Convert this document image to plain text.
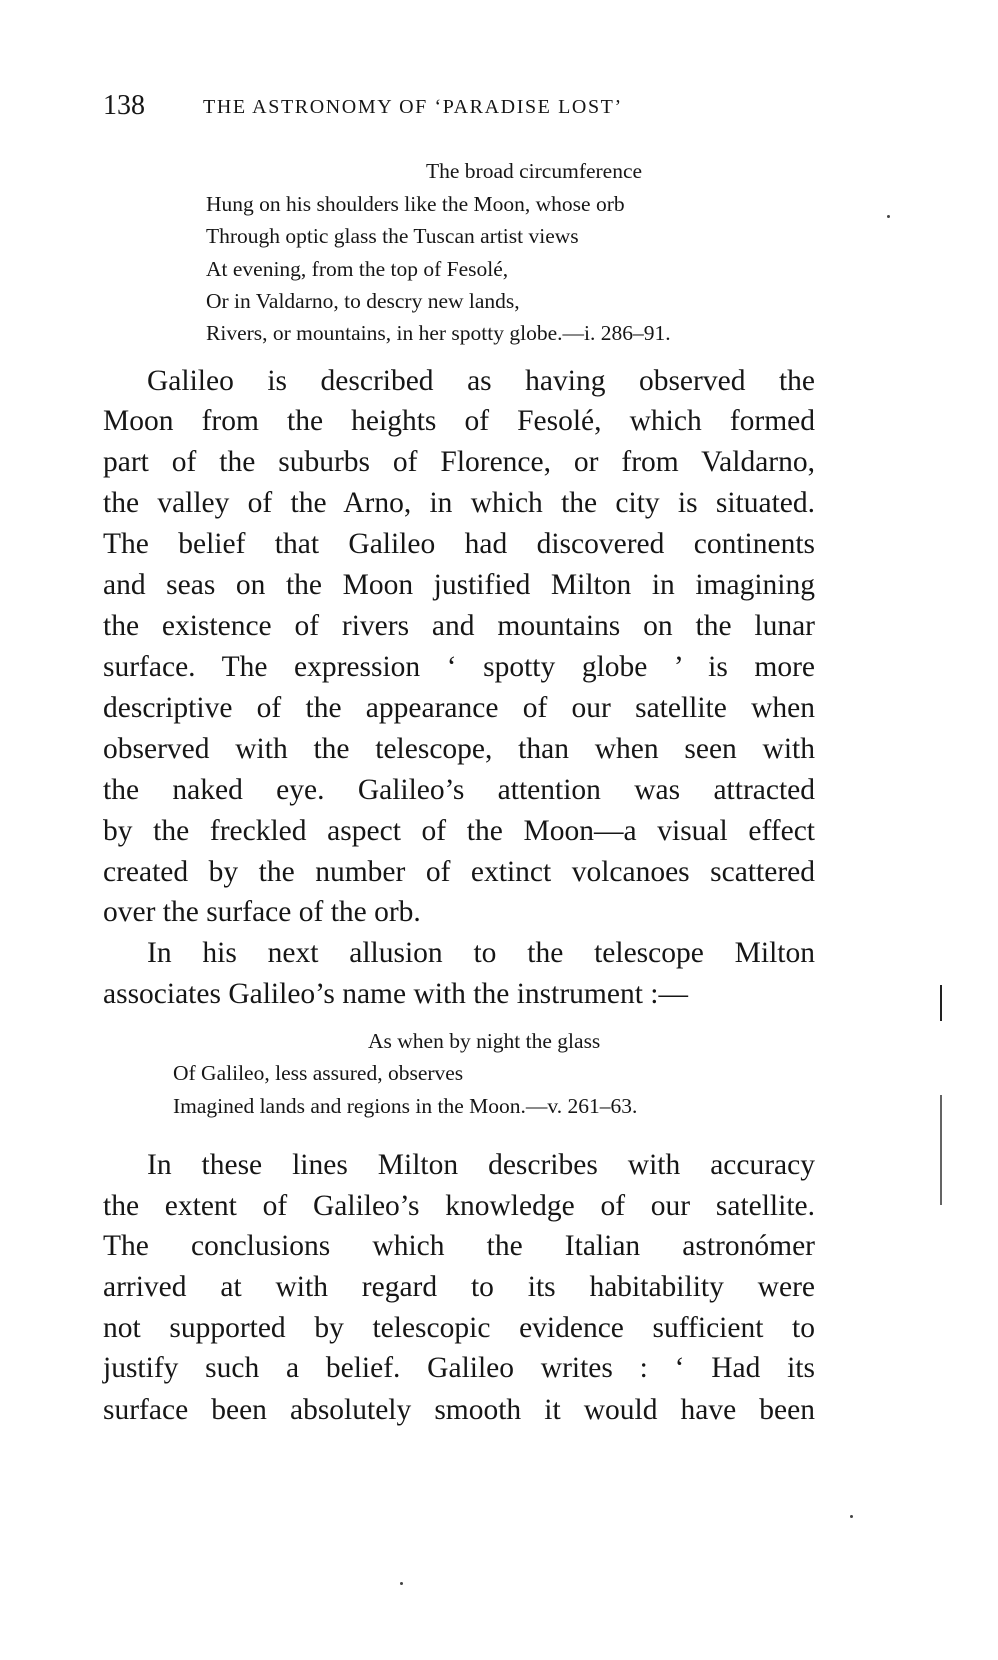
138	THE ASTRONOMY OF ‘PARADISE LOST’
The broad circumference
Hung on his shoulders like the Moon, whose orb
Through optic glass the Tuscan artist views
At evening, from the top of Fesolé,
Or in Valdarno, to descry new lands,
Rivers, or mountains, in her spotty globe.—i. 286–91.
Galileo is described as having observed the
Moon from the heights of Fesolé, which formed
part of the suburbs of Florence, or from Valdarno,
the valley of the Arno, in which the city is situated.
The belief that Galileo had discovered continents
and seas on the Moon justified Milton in imagining
the existence of rivers and mountains on the lunar
surface. The expression ‘ spotty globe ’ is more
descriptive of the appearance of our satellite when
observed with the telescope, than when seen with
the naked eye. Galileo’s attention was attracted
by the freckled aspect of the Moon—a visual effect
created by the number of extinct volcanoes scattered
over the surface of the orb.
In his next allusion to the telescope Milton
associates Galileo’s name with the instrument :—
As when by night the glass
Of Galileo, less assured, observes
Imagined lands and regions in the Moon.—v. 261–63.
In these lines Milton describes with accuracy
the extent of Galileo’s knowledge of our satellite.
The conclusions which the Italian astronómer
arrived at with regard to its habitability were
not supported by telescopic evidence sufficient to
justify such a belief. Galileo writes : ‘ Had its
surface been absolutely smooth it would have been
